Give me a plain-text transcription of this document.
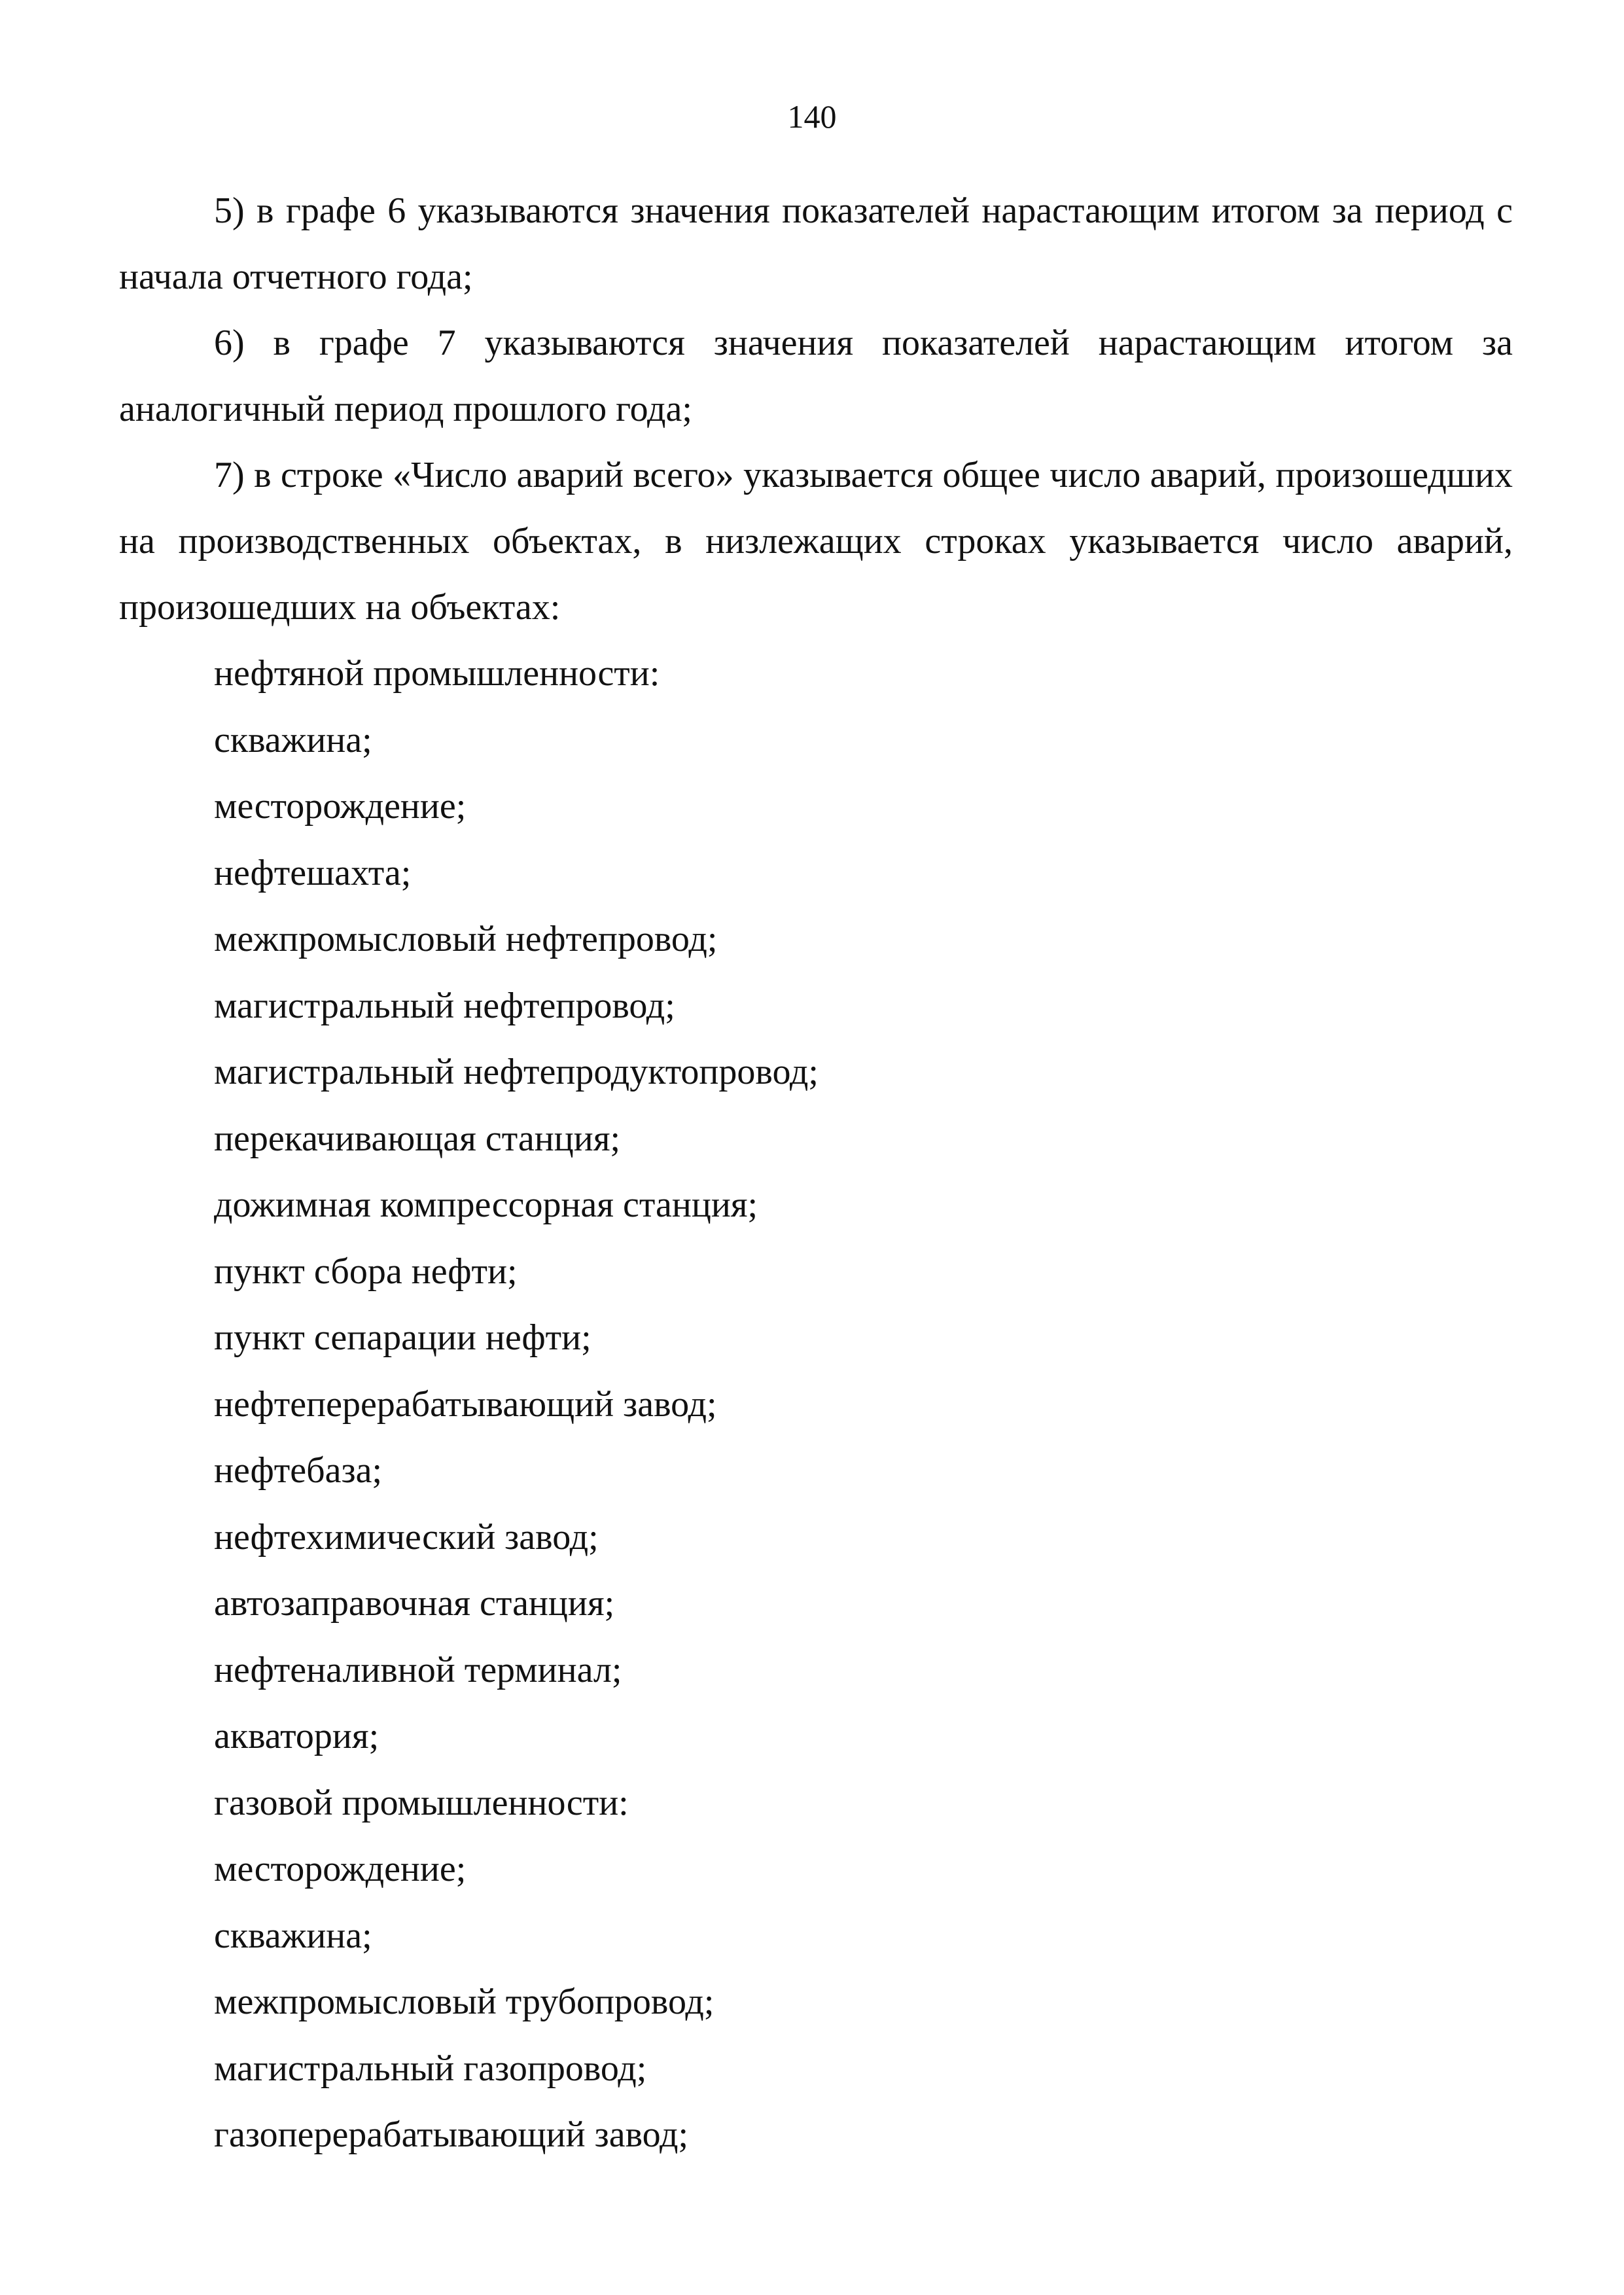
140

5) в графе 6 указываются значения показателей нарастающим итогом за период с начала отчетного года;

6) в графе 7 указываются значения показателей нарастающим итогом за аналогичный период прошлого года;

7) в строке «Число аварий всего» указывается общее число аварий, произошедших на производственных объектах, в низлежащих строках указывается число аварий, произошедших на объектах:

нефтяной промышленности:
скважина;
месторождение;
нефтешахта;
межпромысловый нефтепровод;
магистральный нефтепровод;
магистральный нефтепродуктопровод;
перекачивающая станция;
дожимная компрессорная станция;
пункт сбора нефти;
пункт сепарации нефти;
нефтеперерабатывающий завод;
нефтебаза;
нефтехимический завод;
автозаправочная станция;
нефтеналивной терминал;
акватория;
газовой промышленности:
месторождение;
скважина;
межпромысловый трубопровод;
магистральный газопровод;
газоперерабатывающий завод;
